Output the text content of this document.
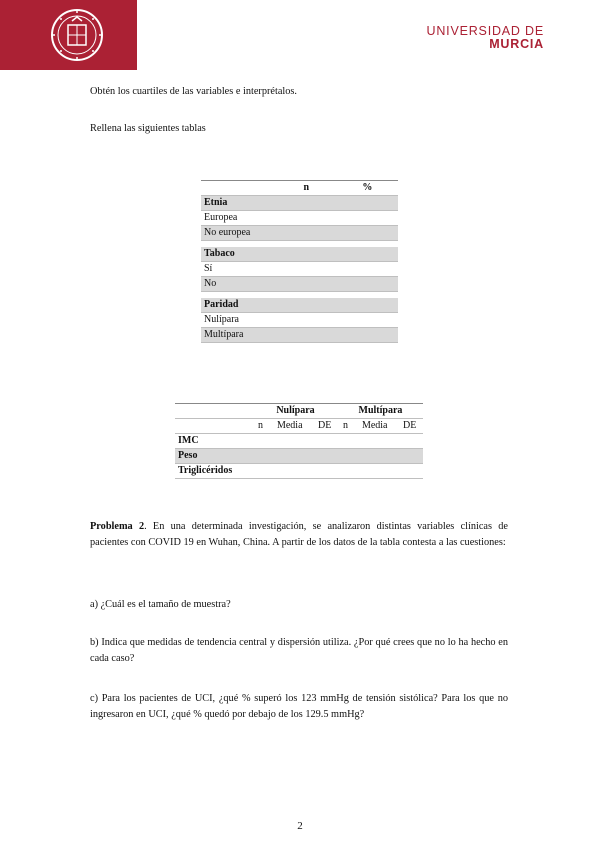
UNIVERSIDAD DE
MURCIA

Obtén los cuartiles de las variables e interprétalos.

Rellena las siguientes tablas

	n	%
Etnia		
Europea		
No europea		

Tabaco		
Sí		
No		

Paridad		
Nulípara		
Multípara		
	Nulípara			Multípara		
	n	Media	DE	n	Media	DE
IMC						
Peso						
Triglicéridos						

Problema 2. En una determinada investigación, se analizaron distintas variables clínicas de pacientes con COVID 19 en Wuhan, China. A partir de los datos de la tabla contesta a las cuestiones:

a) ¿Cuál es el tamaño de muestra?

b) Indica que medidas de tendencia central y dispersión utiliza. ¿Por qué crees que no lo ha hecho en cada caso?

c) Para los pacientes de UCI, ¿qué % superó los 123 mmHg de tensión sistólica? Para los que no ingresaron en UCI, ¿qué % quedó por debajo de los 129.5 mmHg?

2
